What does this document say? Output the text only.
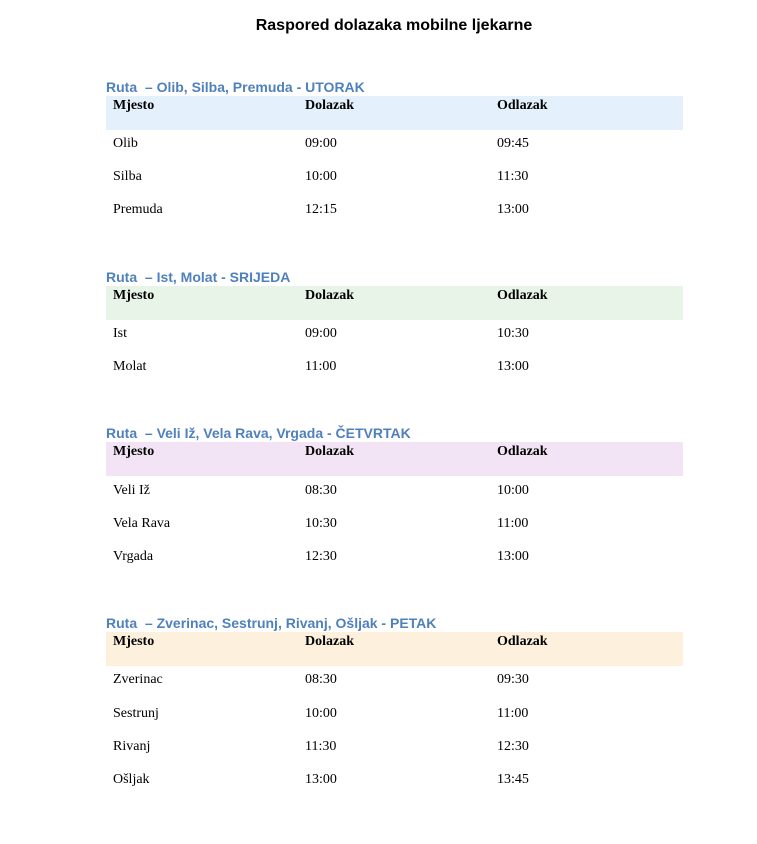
Raspored dolazaka mobilne ljekarne
Ruta  – Olib, Silba, Premuda - UTORAK
Mjesto	Dolazak	Odlazak
Olib	09:00	09:45
Silba	10:00	11:30
Premuda	12:15	13:00
Ruta  – Ist, Molat - SRIJEDA
Mjesto	Dolazak	Odlazak
Ist	09:00	10:30
Molat	11:00	13:00
Ruta  – Veli Iž, Vela Rava, Vrgada - ČETVRTAK
Mjesto	Dolazak	Odlazak
Veli Iž	08:30	10:00
Vela Rava	10:30	11:00
Vrgada	12:30	13:00
Ruta  – Zverinac, Sestrunj, Rivanj, Ošljak - PETAK
Mjesto	Dolazak	Odlazak
Zverinac	08:30	09:30
Sestrunj	10:00	11:00
Rivanj	11:30	12:30
Ošljak	13:00	13:45
